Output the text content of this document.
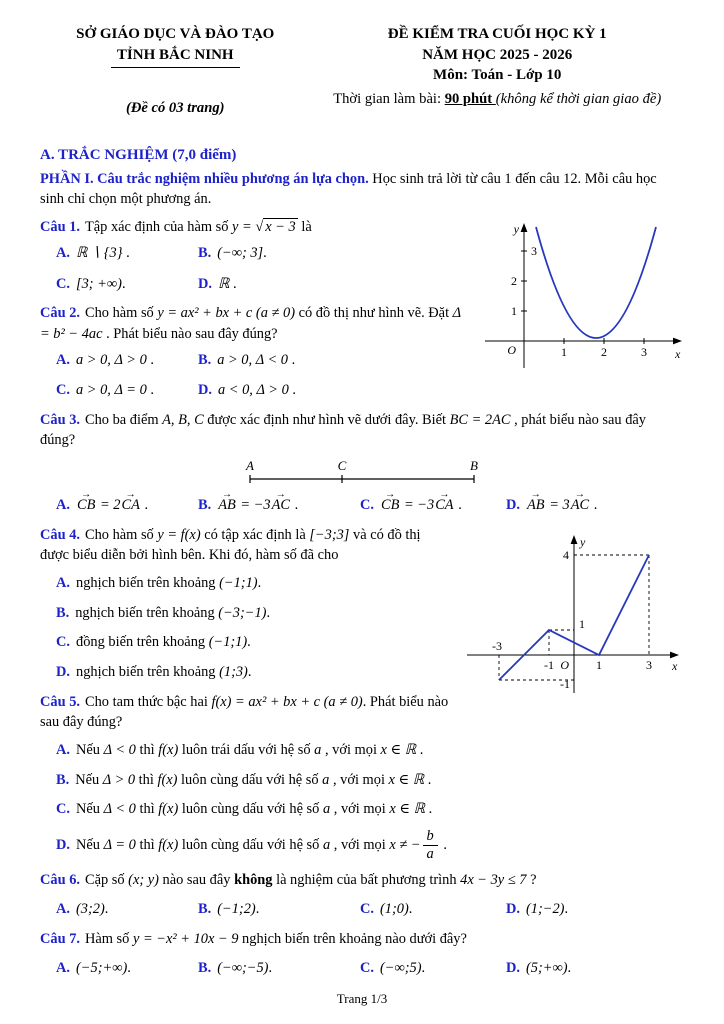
SỞ GIÁO DỤC VÀ ĐÀO TẠO
TỈNH BẮC NINH
(Đề có 03 trang)
ĐỀ KIỂM TRA CUỐI HỌC KỲ 1
NĂM HỌC 2025 - 2026
Môn: Toán - Lớp 10
Thời gian làm bài: 90 phút (không kể thời gian giao đề)

A. TRẮC NGHIỆM (7,0 điểm)

PHẦN I. Câu trắc nghiệm nhiều phương án lựa chọn. Học sinh trả lời từ câu 1 đến câu 12. Mỗi câu học sinh chỉ chọn một phương án.

O	x
y
1	2	3
1
2
3

Câu 1. Tập xác định của hàm số y = √ x − 3 là

A. ℝ ∖ {3} .	B. (−∞; 3].
C. [3; +∞).	D. ℝ .

Câu 2. Cho hàm số y = ax² + bx + c (a ≠ 0) có đồ thị như hình vẽ. Đặt Δ = b² − 4ac . Phát biểu nào sau đây đúng?

A. a > 0, Δ > 0 .	B. a > 0, Δ < 0 .
C. a > 0, Δ = 0 .	D. a < 0, Δ > 0 .

Câu 3. Cho ba điểm A, B, C được xác định như hình vẽ dưới đây. Biết BC = 2AC , phát biểu nào sau đây đúng?

A	C	B
A. CB → = 2CA → .	B. AB → = −3AC → .	C. CB → = −3CA → .	D. AB → = 3AC → .
-3
-1 O 1	3
4
1
-1
x
y

Câu 4. Cho hàm số y = f(x) có tập xác định là [−3;3] và có đồ thị được biểu diễn bởi hình bên. Khi đó, hàm số đã cho

A. nghịch biến trên khoảng (−1;1).
B. nghịch biến trên khoảng (−3;−1).
C. đồng biến trên khoảng (−1;1).
D. nghịch biến trên khoảng (1;3).

Câu 5. Cho tam thức bậc hai f(x) = ax² + bx + c (a ≠ 0). Phát biểu nào sau đây đúng?

A. Nếu Δ < 0 thì f(x) luôn trái dấu với hệ số a , với mọi x ∈ ℝ .
B. Nếu Δ > 0 thì f(x) luôn cùng dấu với hệ số a , với mọi x ∈ ℝ .
C. Nếu Δ < 0 thì f(x) luôn cùng dấu với hệ số a , với mọi x ∈ ℝ .
D. Nếu Δ = 0 thì f(x) luôn cùng dấu với hệ số a , với mọi x ≠ − $\frac{b}{a}$ .

Câu 6. Cặp số (x; y) nào sau đây không là nghiệm của bất phương trình 4x − 3y ≤ 7 ?

A. (3;2).	B. (−1;2).	C. (1;0).	D. (1;−2).

Câu 7. Hàm số y = −x² + 10x − 9 nghịch biến trên khoảng nào dưới đây?

A. (−5;+∞).	B. (−∞;−5).	C. (−∞;5).	D. (5;+∞).
Trang 1/3
